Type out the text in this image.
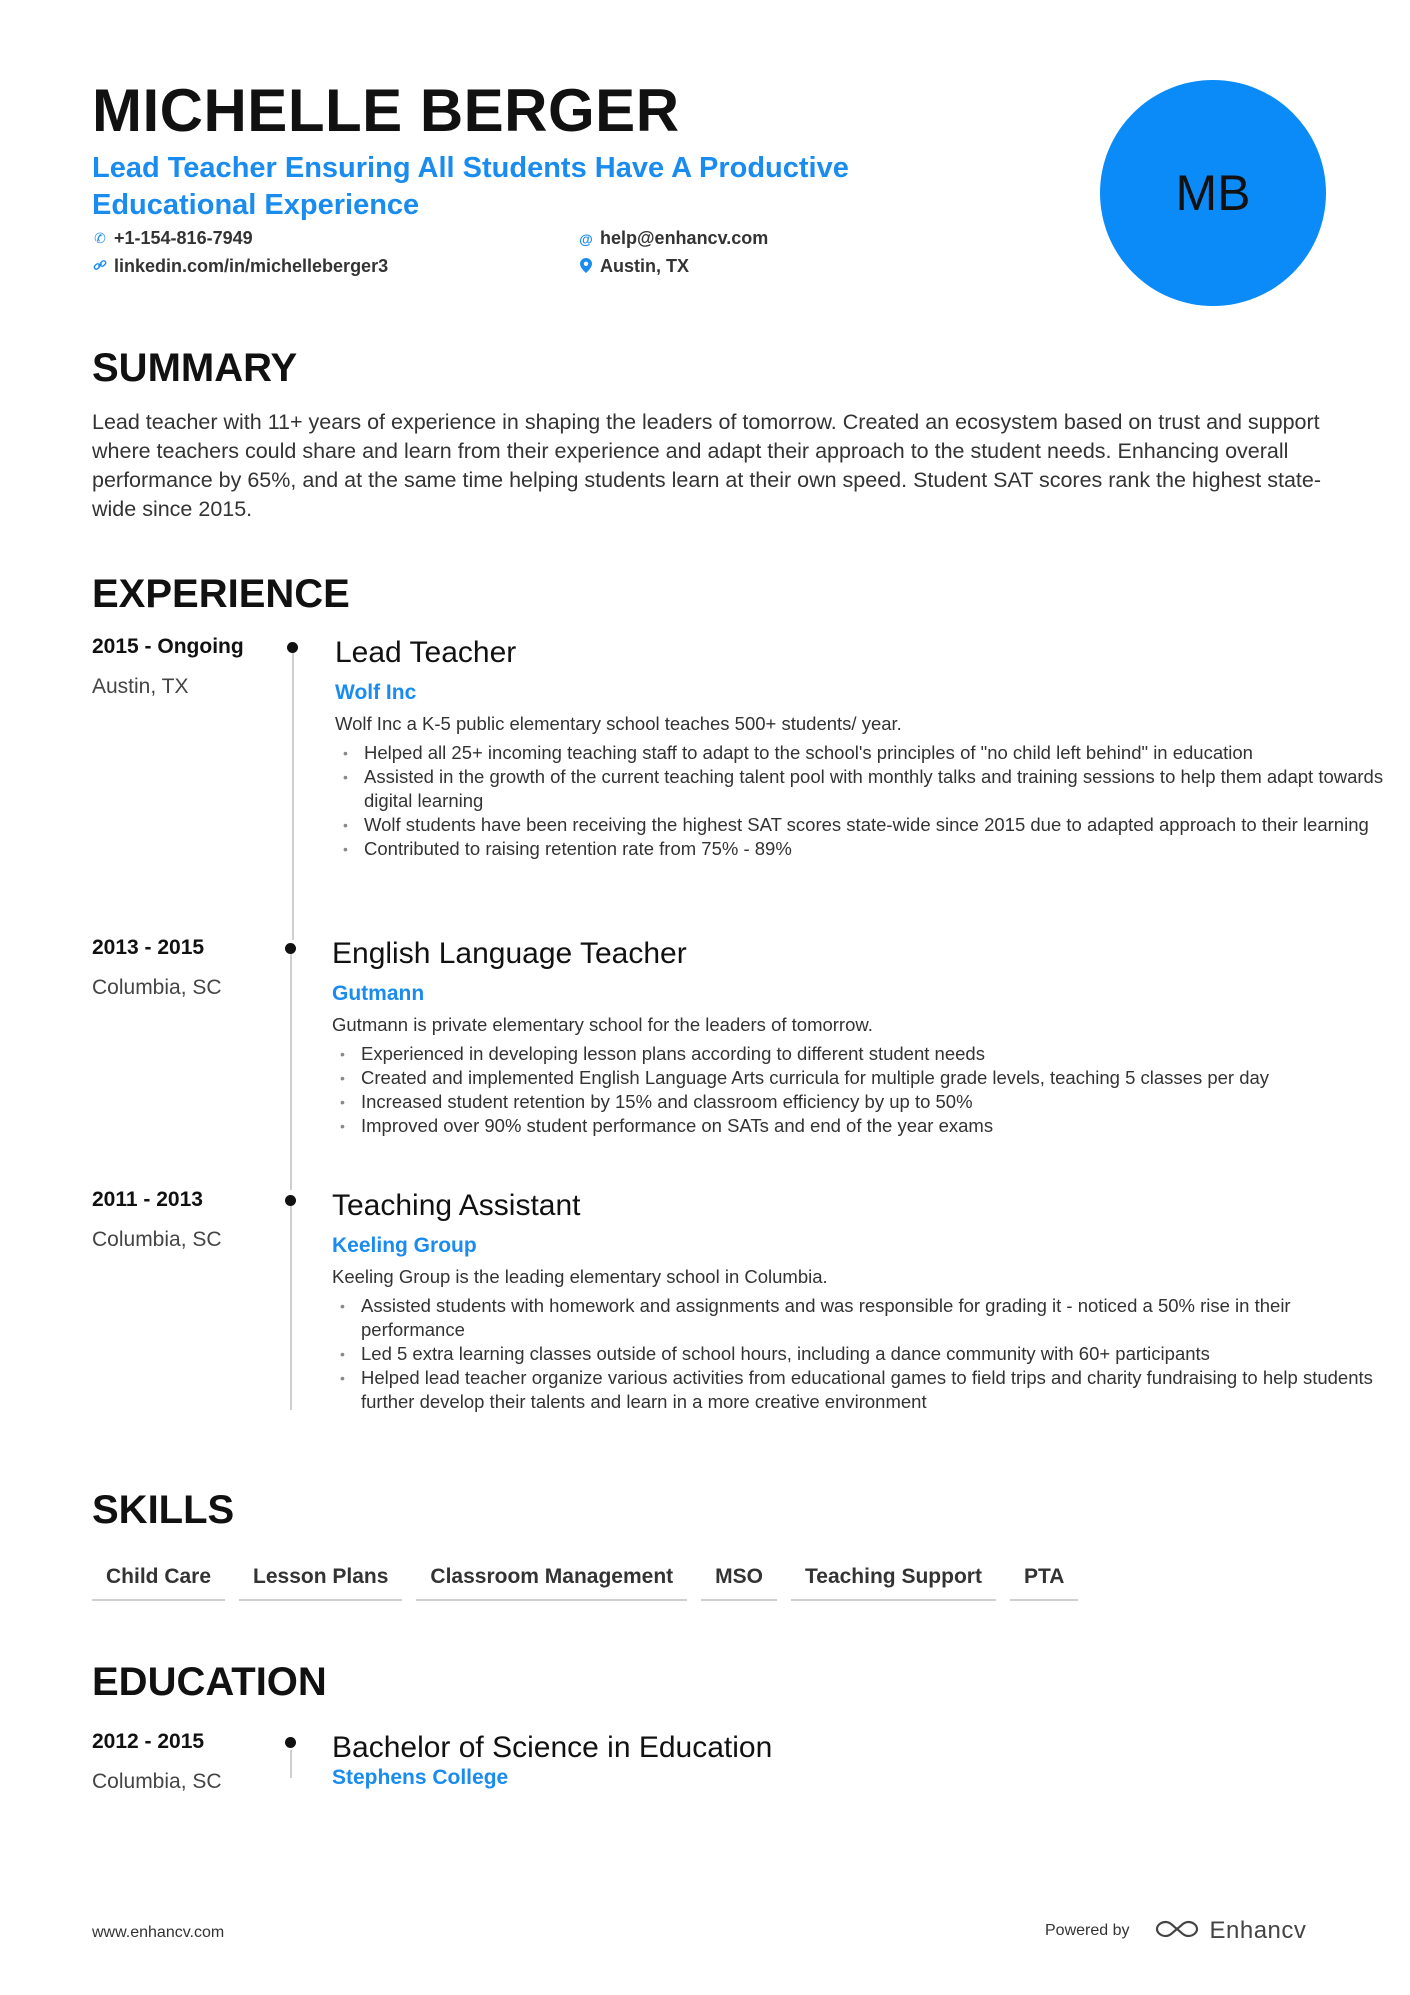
MICHELLE BERGER
Lead Teacher Ensuring All Students Have A Productive Educational Experience
✆ +1-154-816-7949	@ help@enhancv.com
linkedin.com/in/michelleberger3	Austin, TX
MB
SUMMARY

Lead teacher with 11+ years of experience in shaping the leaders of tomorrow. Created an ecosystem based on trust and support where teachers could share and learn from their experience and adapt their approach to the student needs. Enhancing overall performance by 65%, and at the same time helping students learn at their own speed. Student SAT scores rank the highest state-wide since 2015.

EXPERIENCE
2015 - Ongoing
Austin, TX
Lead Teacher
Wolf Inc
Wolf Inc a K-5 public elementary school teaches 500+ students/ year.
• Helped all 25+ incoming teaching staff to adapt to the school's principles of "no child left behind" in education
• Assisted in the growth of the current teaching talent pool with monthly talks and training sessions to help them adapt towards digital learning
• Wolf students have been receiving the highest SAT scores state-wide since 2015 due to adapted approach to their learning
• Contributed to raising retention rate from 75% - 89%
2013 - 2015
Columbia, SC
English Language Teacher
Gutmann
Gutmann is private elementary school for the leaders of tomorrow.
• Experienced in developing lesson plans according to different student needs
• Created and implemented English Language Arts curricula for multiple grade levels, teaching 5 classes per day
• Increased student retention by 15% and classroom efficiency by up to 50%
• Improved over 90% student performance on SATs and end of the year exams
2011 - 2013
Columbia, SC
Teaching Assistant
Keeling Group
Keeling Group is the leading elementary school in Columbia.
• Assisted students with homework and assignments and was responsible for grading it - noticed a 50% rise in their performance
• Led 5 extra learning classes outside of school hours, including a dance community with 60+ participants
• Helped lead teacher organize various activities from educational games to field trips and charity fundraising to help students further develop their talents and learn in a more creative environment
SKILLS
Child Care	Lesson Plans	Classroom Management	MSO	Teaching Support	PTA
EDUCATION
2012 - 2015
Columbia, SC
Bachelor of Science in Education
Stephens College
www.enhancv.com	Powered by	Enhancv
